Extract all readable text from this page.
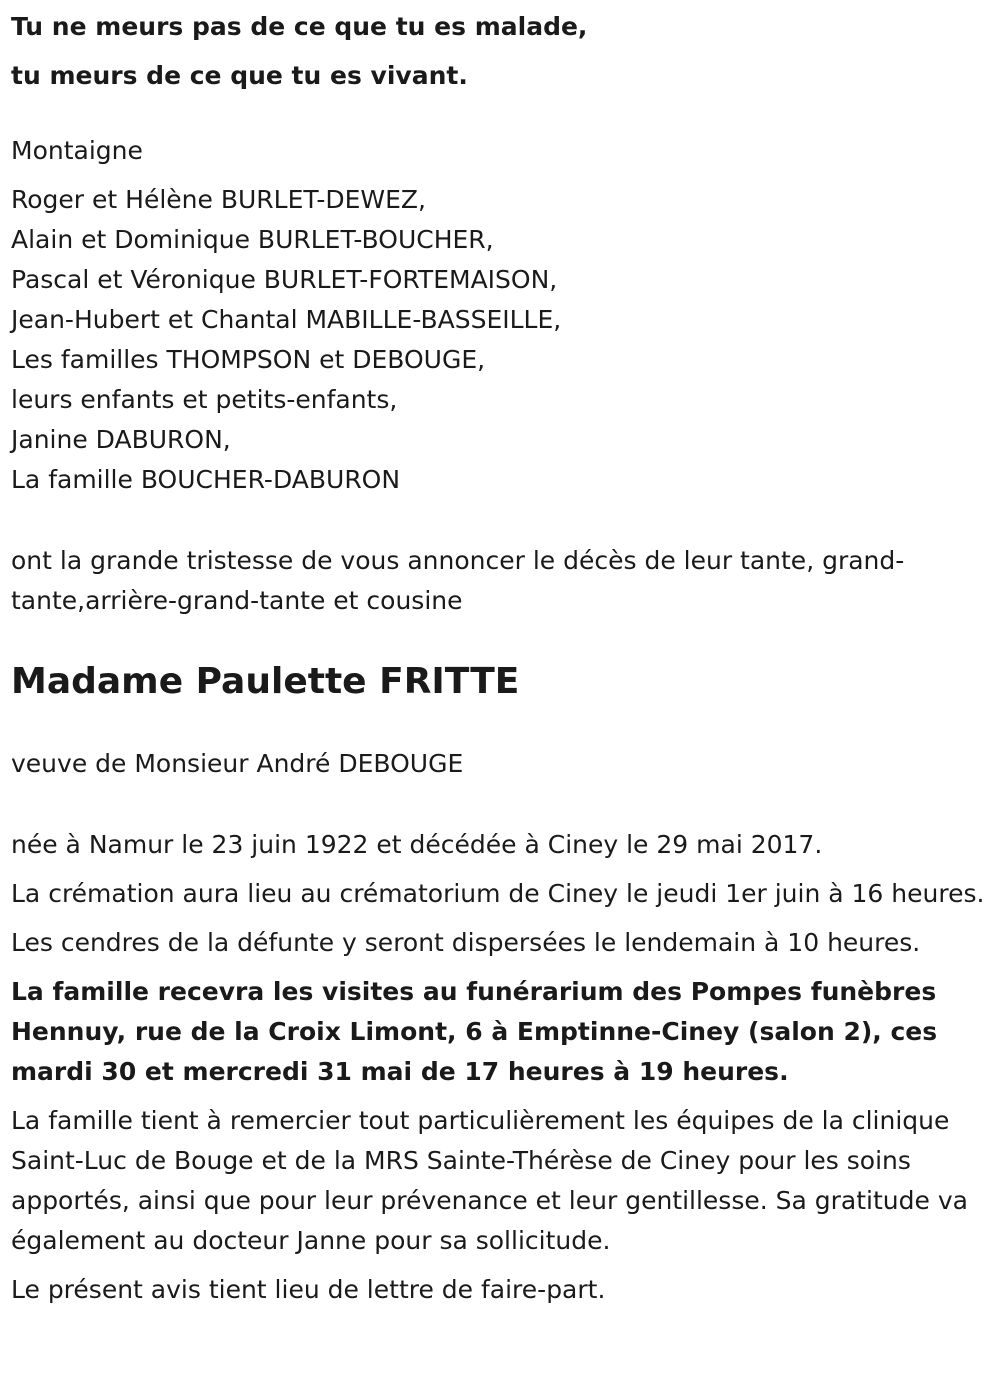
Tu ne meurs pas de ce que tu es malade,

tu meurs de ce que tu es vivant.

Montaigne

Roger et Hélène BURLET-DEWEZ,

Alain et Dominique BURLET-BOUCHER,

Pascal et Véronique BURLET-FORTEMAISON,

Jean-Hubert et Chantal MABILLE-BASSEILLE,

Les familles THOMPSON et DEBOUGE,

leurs enfants et petits-enfants,

Janine DABURON,

La famille BOUCHER-DABURON

ont la grande tristesse de vous annoncer le décès de leur tante, grand-tante,arrière-grand-tante et cousine

Madame Paulette FRITTE

veuve de Monsieur André DEBOUGE

née à Namur le 23 juin 1922 et décédée à Ciney le 29 mai 2017.

La crémation aura lieu au crématorium de Ciney le jeudi 1er juin à 16 heures.

Les cendres de la défunte y seront dispersées le lendemain à 10 heures.

La famille recevra les visites au funérarium des Pompes funèbres Hennuy, rue de la Croix Limont, 6 à Emptinne-Ciney (salon 2), ces mardi 30 et mercredi 31 mai de 17 heures à 19 heures.

La famille tient à remercier tout particulièrement les équipes de la clinique Saint-Luc de Bouge et de la MRS Sainte-Thérèse de Ciney pour les soins apportés, ainsi que pour leur prévenance et leur gentillesse. Sa gratitude va également au docteur Janne pour sa sollicitude.

Le présent avis tient lieu de lettre de faire-part.
